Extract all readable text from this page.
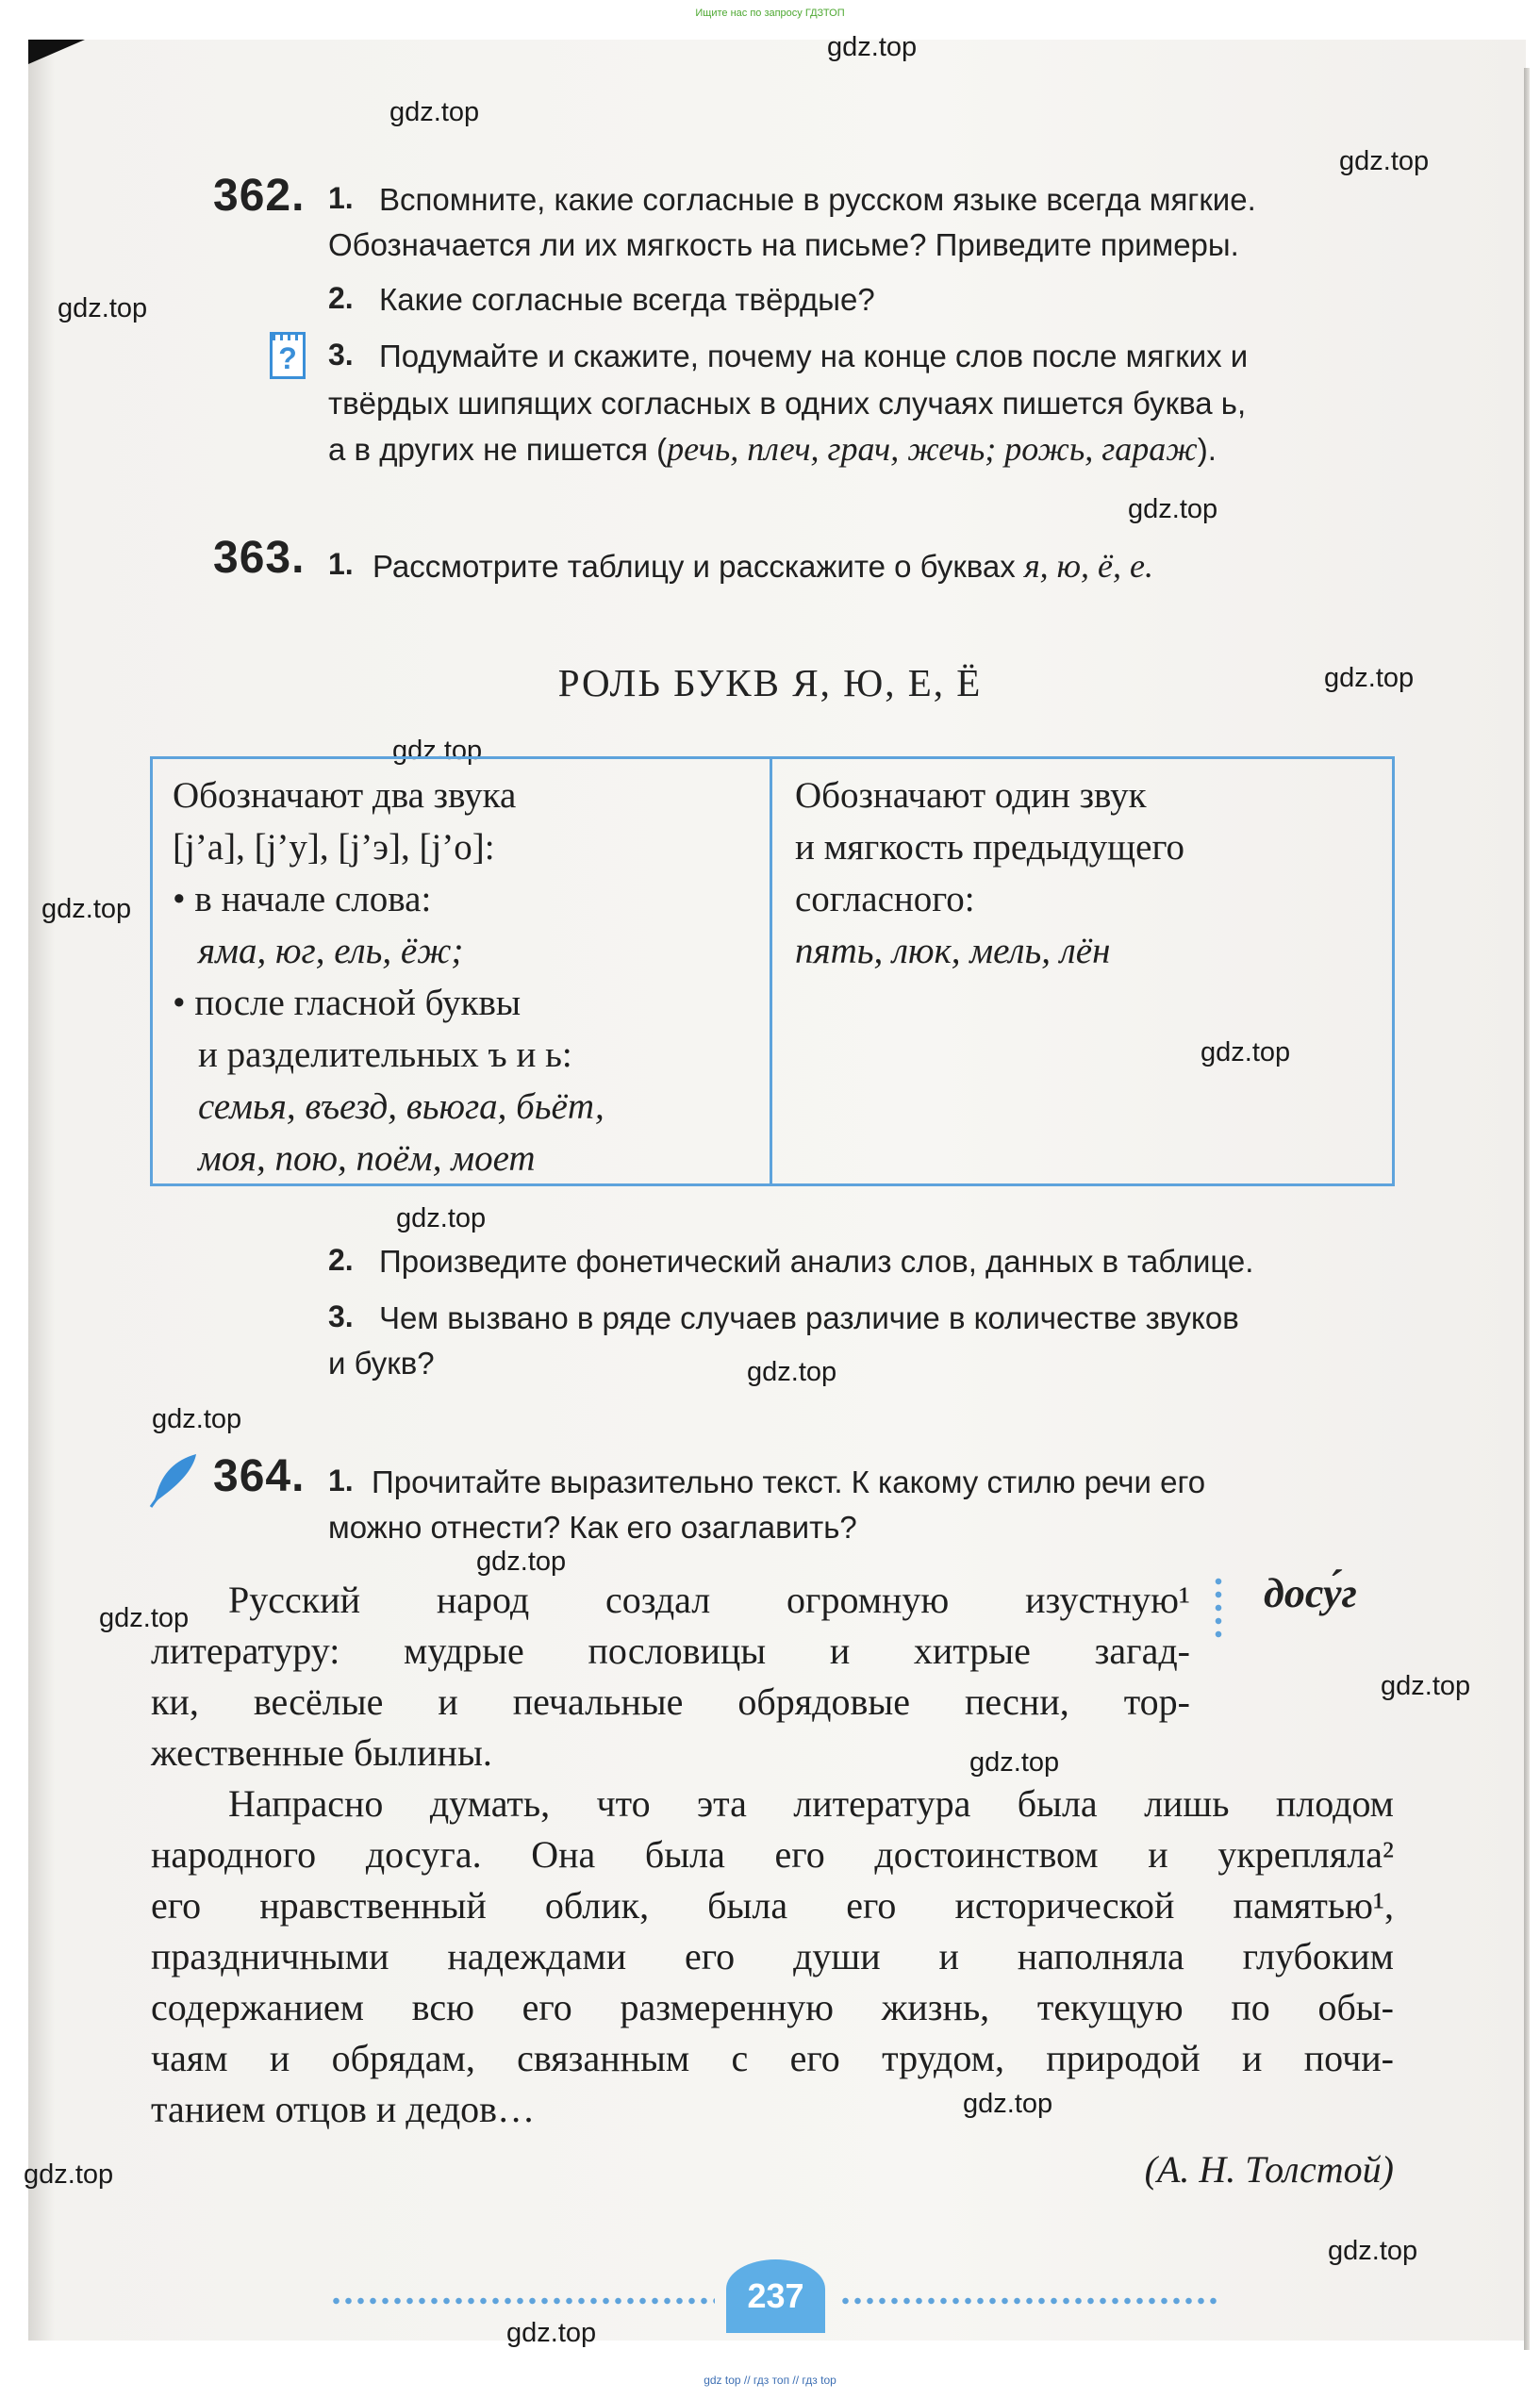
Ищите нас по запросу ГДЗТОП
gdz.top
gdz.top
gdz.top
gdz.top
gdz.top
gdz.top
gdz.top
gdz.top
gdz.top
gdz.top
gdz.top
gdz.top
gdz.top
gdz.top
gdz.top
gdz.top
gdz.top
gdz.top
gdz.top
gdz.top
362. 1. Вспомните, какие согласные в русском языке всегда мягкие.
Обозначается ли их мягкость на письме? Приведите примеры.
2. Какие согласные всегда твёрдые?
? 3. Подумайте и скажите, почему на конце слов после мягких и
твёрдых шипящих согласных в одних случаях пишется буква ь,
а в других не пишется (речь, плеч, грач, жечь; рожь, гараж).
363. 1. Рассмотрите таблицу и расскажите о буквах я, ю, ё, е.
РОЛЬ БУКВ Я, Ю, Е, Ё
Обозначают два звука
[j’а], [j’у], [j’э], [j’о]:
• в начале слова:
яма, юг, ель, ёж;
• после гласной буквы
и разделительных ъ и ь:
семья, въезд, вьюга, бьёт,
моя, пою, поём, моет
Обозначают один звук
и мягкость предыдущего
согласного:
пять, люк, мель, лён
2. Произведите фонетический анализ слов, данных в таблице.
3. Чем вызвано в ряде случаев различие в количестве звуков
и букв?
364. 1. Прочитайте выразительно текст. К какому стилю речи его
можно отнести? Как его озаглавить?
досу́г
Русский народ создал огромную изустную¹
литературу: мудрые пословицы и хитрые загад-
ки, весёлые и печальные обрядовые песни, тор-
жественные былины.
Напрасно думать, что эта литература была лишь плодом
народного досуга. Она была его достоинством и укрепляла²
его нравственный облик, была его исторической памятью¹,
праздничными надеждами его души и наполняла глубоким
содержанием всю его размеренную жизнь, текущую по обы-
чаям и обрядам, связанным с его трудом, природой и почи-
танием отцов и дедов…
(А. Н. Толстой)
237
gdz top // гдз топ // гдз top
